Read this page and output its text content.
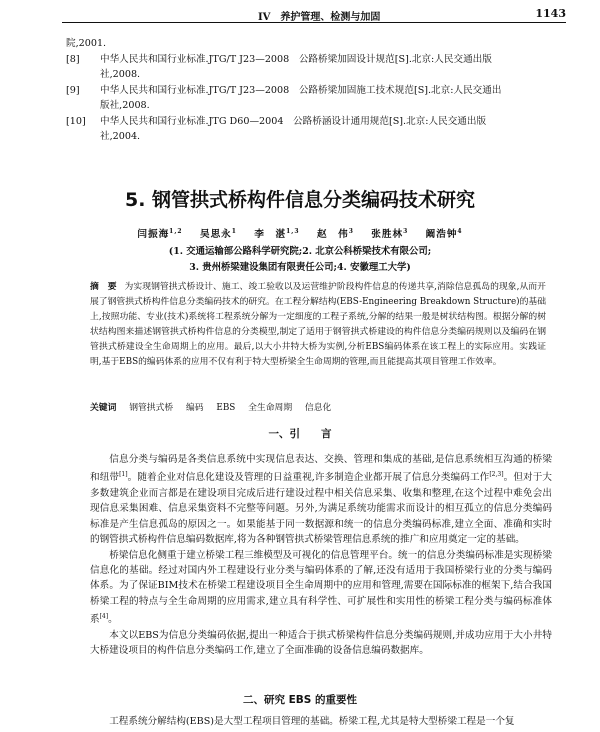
IV　养护管理、检测与加固	1143
院,2001.
[8] 中华人民共和国行业标准.JTG/T J23—2008　公路桥梁加固设计规范[S].北京:人民交通出版
社,2008.
[9] 中华人民共和国行业标准.JTG/T J23—2008　公路桥梁加固施工技术规范[S].北京:人民交通出
版社,2008.
[10] 中华人民共和国行业标准.JTG D60—2004　公路桥涵设计通用规范[S].北京:人民交通出版
社,2004.
5. 钢管拱式桥构件信息分类编码技术研究
闫振海$^{1,2}$ 吴思永$^1$ 李　湛$^{1,3}$ 赵　伟$^3$ 张胜林$^3$ 阚浩钟$^4$
(1. 交通运输部公路科学研究院;2. 北京公科桥梁技术有限公司;
3. 贵州桥梁建设集团有限责任公司;4. 安徽理工大学)
摘　要 为实现钢管拱式桥设计、施工、竣工验收以及运营维护阶段构件信息的传递共享,消除信息孤岛的现象,从而开展了钢管拱式桥构件信息分类编码技术的研究。在工程分解结构(EBS-Engineering Breakdown Structure)的基础上,按照功能、专业(技术)系统将工程系统分解为一定细度的工程子系统,分解的结果一般是树状结构图。根据分解的树状结构图来描述钢管拱式桥构件信息的分类模型,制定了适用于钢管拱式桥建设的构件信息分类编码规则以及编码在钢管拱式桥建设全生命周期上的应用。最后,以大小井特大桥为实例,分析EBS编码体系在该工程上的实际应用。实践证明,基于EBS的编码体系的应用不仅有利于特大型桥梁全生命周期的管理,而且能提高其项目管理工作效率。
关键词 钢管拱式桥 编码 EBS 全生命周期 信息化
一、引　　言

信息分类与编码是各类信息系统中实现信息表达、交换、管理和集成的基础,是信息系统相互沟通的桥梁和纽带[1]。随着企业对信息化建设及管理的日益重视,许多制造企业都开展了信息分类编码工作[2,3]。但对于大多数建筑企业而言都是在建设项目完成后进行建设过程中相关信息采集、收集和整理,在这个过程中难免会出现信息采集困难、信息采集资料不完整等问题。另外,为满足系统功能需求而设计的相互孤立的信息分类编码标准是产生信息孤岛的原因之一。如果能基于同一数据源和统一的信息分类编码标准,建立全面、准确和实时的钢管拱式桥构件信息编码数据库,将为各种钢管拱式桥梁管理信息系统的推广和应用奠定一定的基础。

桥梁信息化侧重于建立桥梁工程三维模型及可视化的信息管理平台。统一的信息分类编码标准是实现桥梁信息化的基础。经过对国内外工程建设行业分类与编码体系的了解,还没有适用于我国桥梁行业的分类与编码体系。为了保证BIM技术在桥梁工程建设项目全生命周期中的应用和管理,需要在国际标准的框架下,结合我国桥梁工程的特点与全生命周期的应用需求,建立具有科学性、可扩展性和实用性的桥梁工程分类与编码标准体系[4]。

本文以EBS为信息分类编码依据,提出一种适合于拱式桥梁构件信息分类编码规则,并成功应用于大小井特大桥建设项目的构件信息分类编码工作,建立了全面准确的设备信息编码数据库。

二、研究 EBS 的重要性

工程系统分解结构(EBS)是大型工程项目管理的基础。桥梁工程,尤其是特大型桥梁工程是一个复
